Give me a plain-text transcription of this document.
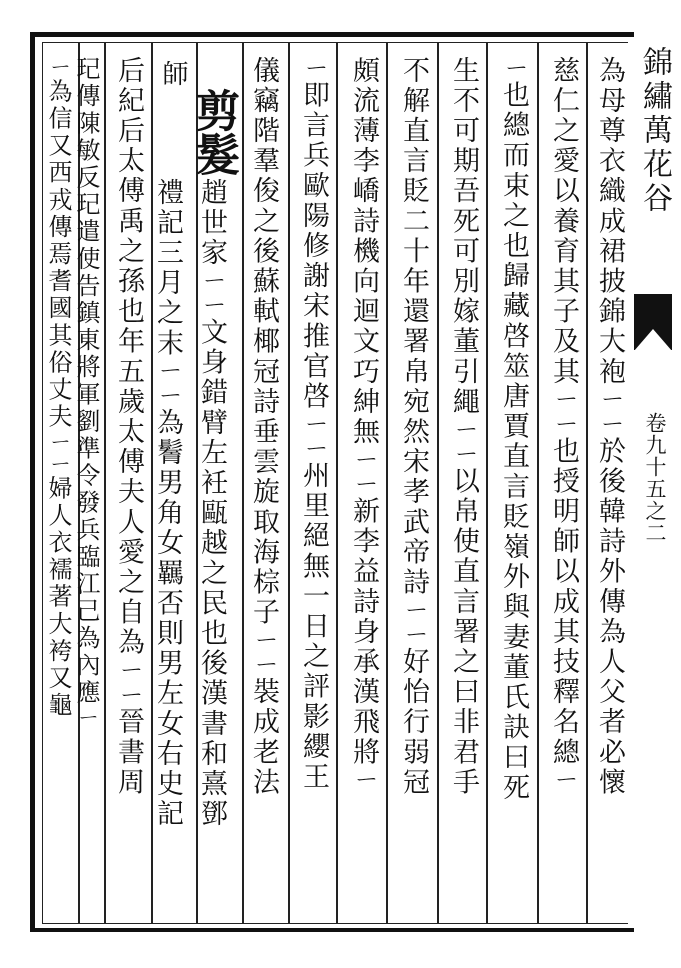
為母尊衣織成裙披錦大袍ㄧㄧ於後韓詩外傳為人父者必懷
慈仁之愛以養育其子及其ㄧㄧ也授明師以成其技釋名總ㄧ
ㄧ也總而束之也歸藏啓筮唐賈直言貶嶺外與妻董氏訣曰死
生不可期吾死可別嫁董引繩ㄧㄧ以帛使直言署之曰非君手
不解直言貶二十年還署帛宛然宋孝武帝詩ㄧㄧ好怡行弱冠
頗流薄李嶠詩機向迴文巧紳無ㄧㄧ新李益詩身承漢飛將ㄧ
ㄧ即言兵歐陽修謝宋推官啓ㄧㄧ州里絕無一日之評影纓王
儀竊階羣俊之後蘇軾椰冠詩垂雲旋取海棕子ㄧㄧ裝成老法
師
剪髮
禮記三月之末ㄧㄧ為鬌男角女羈否則男左女右史記 趙世家ㄧㄧ文身錯臂左衽甌越之民也後漢書和熹鄧
后紀后太傅禹之孫也年五歲太傅夫人愛之自為ㄧㄧ晉書周
玘傳陳敏反玘遣使告鎮東將軍劉準令發兵臨江己為內應ㄧ
ㄧ為信又西戎傳焉耆國其俗丈夫ㄧㄧ婦人衣襦著大袴又龜	錦繡萬花谷
卷九十五之二
